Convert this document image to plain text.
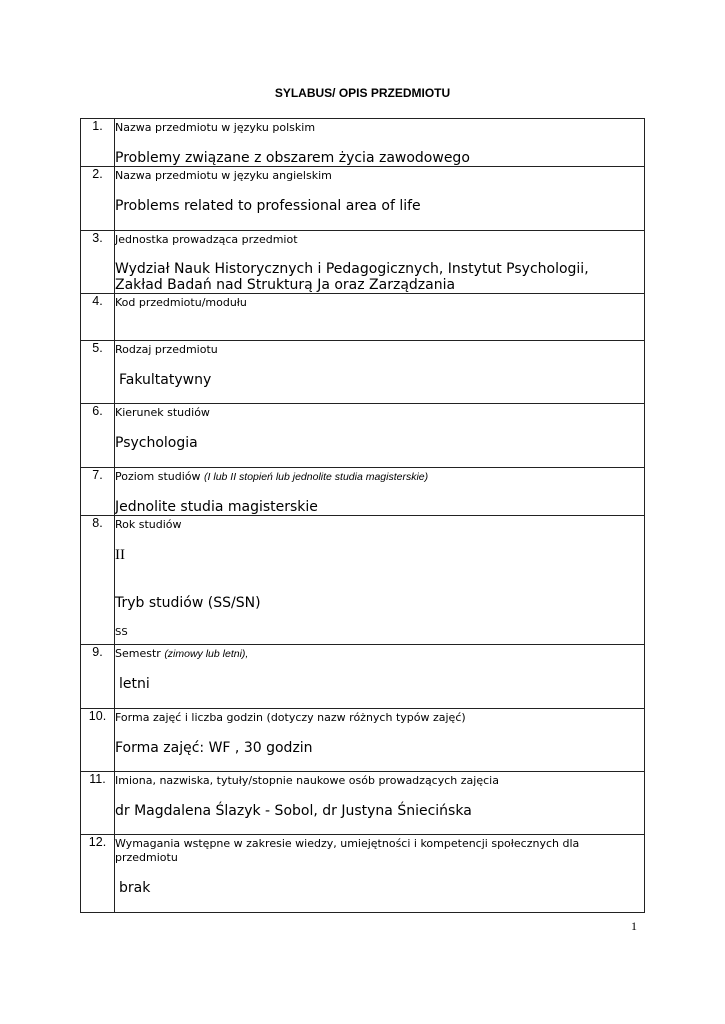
SYLABUS/ OPIS PRZEDMIOTU
1.	Nazwa przedmiotu w języku polskim
Problemy związane z obszarem życia zawodowego

2.	Nazwa przedmiotu w języku angielskim
Problems related to professional area of life

3.	Jednostka prowadząca przedmiot
Wydział Nauk Historycznych i Pedagogicznych, Instytut Psychologii,
Zakład Badań nad Strukturą Ja oraz Zarządzania

4.	Kod przedmiotu/modułu

5.	Rodzaj przedmiotu
Fakultatywny

6.	Kierunek studiów
Psychologia

7.	Poziom studiów (I lub II stopień lub jednolite studia magisterskie)
Jednolite studia magisterskie

8.	Rok studiów
II
Tryb studiów (SS/SN)
SS

9.	Semestr (zimowy lub letni),
letni

10.	Forma zajęć i liczba godzin (dotyczy nazw różnych typów zajęć)
Forma zajęć: WF , 30 godzin

11.	Imiona, nazwiska, tytuły/stopnie naukowe osób prowadzących zajęcia
dr Magdalena Ślazyk - Sobol, dr Justyna Śniecińska

12.	Wymagania wstępne w zakresie wiedzy, umiejętności i kompetencji społecznych dla przedmiotu
brak
1
